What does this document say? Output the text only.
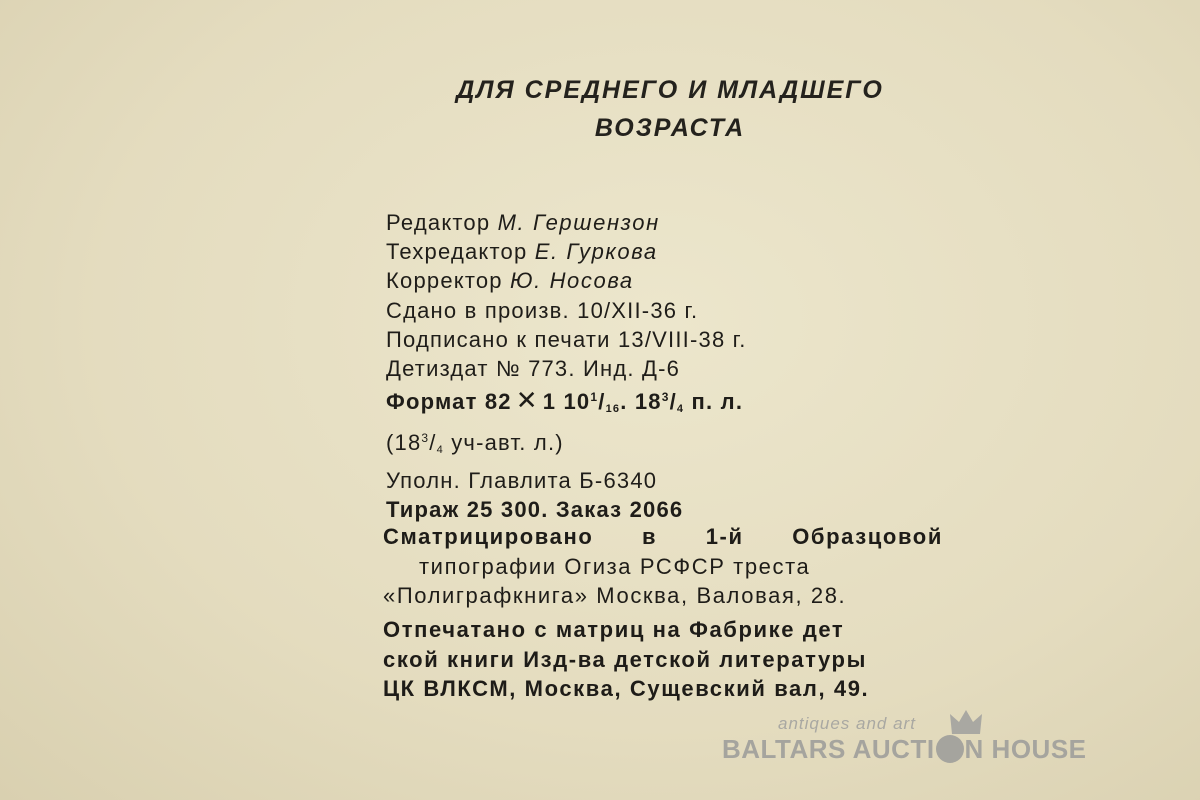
ДЛЯ СРЕДНЕГО И МЛАДШЕГО
ВОЗРАСТА
Редактор М. Гершензон
Техредактор Е. Гуркова
Корректор Ю. Носова
Сдано в произв. 10/XII-36 г.
Подписано к печати 13/VIII-38 г.
Детиздат № 773. Инд. Д-6
Формат 82 ✕ 1 $10^1/_{16}$. $18^3/_4$ п. л.
($18^3/_4$ уч-авт. л.)
Уполн. Главлита Б-6340
Тираж 25 300. Заказ 2066
Сматрицировано в 1-й Образцовой
типографии Огиза РСФСР треста
«Полиграфкнига» Москва, Валовая, 28.
Отпечатано с матриц на Фабрике дет
ской книги Изд-ва детской литературы
ЦК ВЛКСМ, Москва, Сущевский вал, 49.
antiques and art
BALTARS AUCTI N HOUSE
